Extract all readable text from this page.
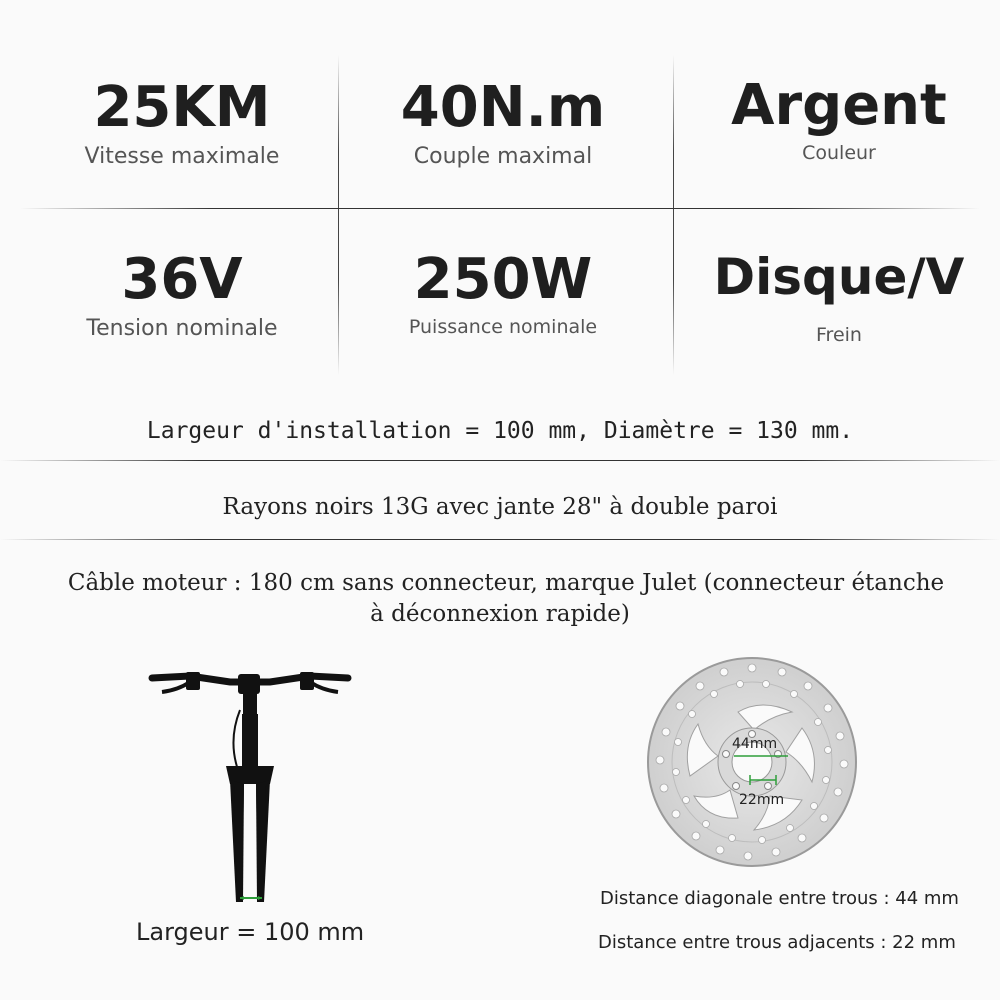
25KM
Vitesse maximale
40N.m
Couple maximal
Argent
Couleur
36V
Tension nominale
250W
Puissance nominale
Disque/V
Frein
Largeur d'installation = 100 mm, Diamètre = 130 mm.
Rayons noirs 13G avec jante 28" à double paroi
Câble moteur : 180 cm sans connecteur, marque Julet (connecteur étanche
à déconnexion rapide)
Largeur = 100 mm
44mm
22mm
Distance diagonale entre trous : 44 mm
Distance entre trous adjacents : 22 mm
